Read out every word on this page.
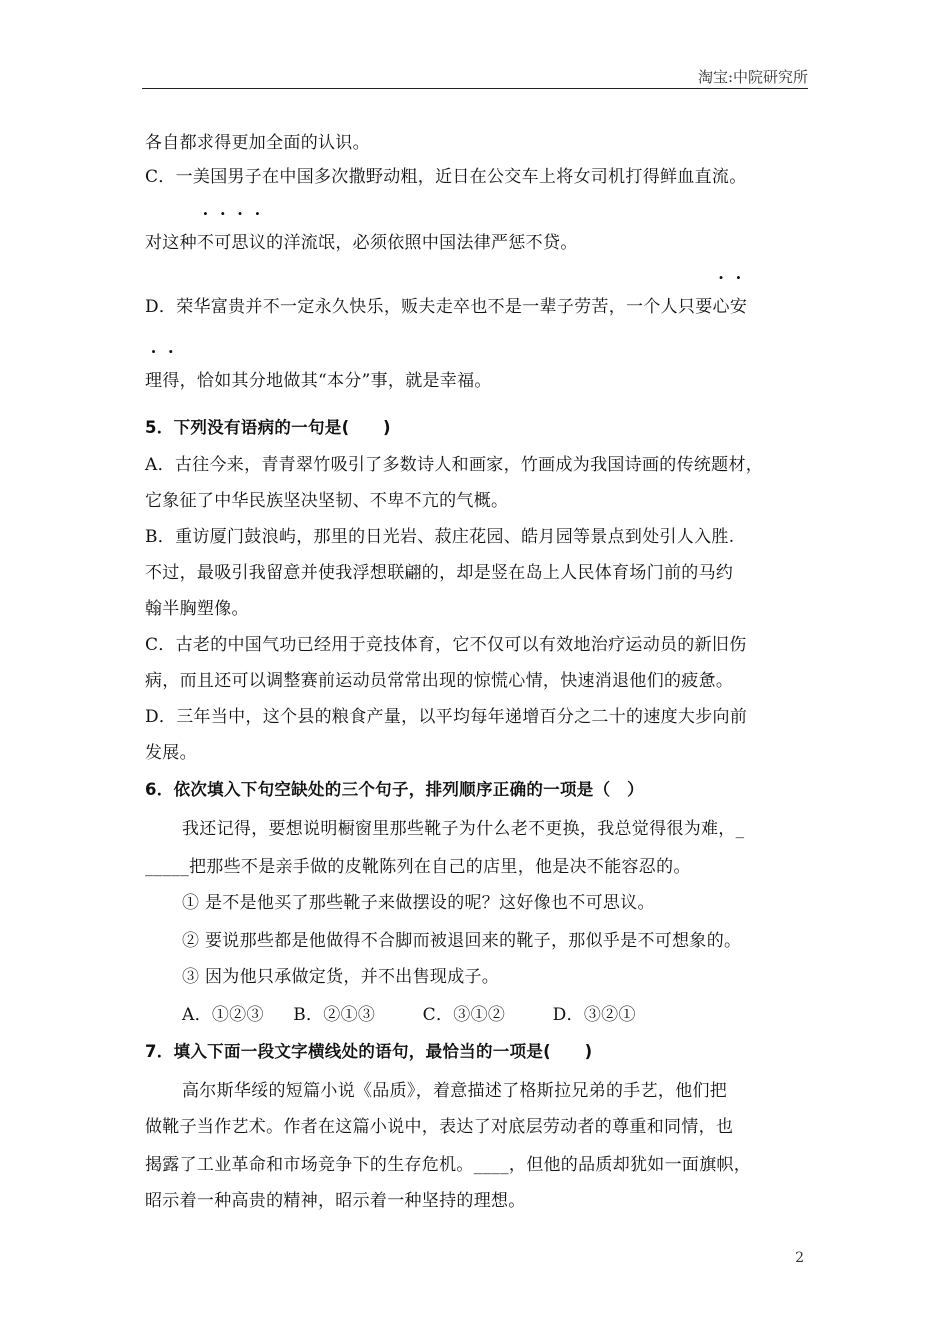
淘宝:中院研究所
各自都求得更加全面的认识。
C．一美国男子在中国多次撒野动粗，近日在公交车上将女司机打得鲜血直流。
对这种不可思议的洋流氓，必须依照中国法律严惩不贷。
D．荣华富贵并不一定永久快乐，贩夫走卒也不是一辈子劳苦，一个人只要心安
理得，恰如其分地做其“本分”事，就是幸福。
5．下列没有语病的一句是(　　)
A．古往今来，青青翠竹吸引了多数诗人和画家，竹画成为我国诗画的传统题材，
它象征了中华民族坚决坚韧、不卑不亢的气概。
B．重访厦门鼓浪屿，那里的日光岩、菽庄花园、皓月园等景点到处引人入胜.
不过，最吸引我留意并使我浮想联翩的，却是竖在岛上人民体育场门前的马约
翰半胸塑像。
C．古老的中国气功已经用于竞技体育，它不仅可以有效地治疗运动员的新旧伤
病，而且还可以调整赛前运动员常常出现的惊慌心情，快速消退他们的疲惫。
D．三年当中，这个县的粮食产量，以平均每年递增百分之二十的速度大步向前
发展。
6．依次填入下句空缺处的三个句子，排列顺序正确的一项是（　）
我还记得，要想说明橱窗里那些靴子为什么老不更换，我总觉得很为难，_
_____把那些不是亲手做的皮靴陈列在自己的店里，他是决不能容忍的。
① 是不是他买了那些靴子来做摆设的呢？这好像也不可思议。
② 要说那些都是他做得不合脚而被退回来的靴子，那似乎是不可想象的。
③ 因为他只承做定货，并不出售现成子。
A．①②③ B．②①③	C．③①②	D．③②①
7．填入下面一段文字横线处的语句，最恰当的一项是(　　)
高尔斯华绥的短篇小说《品质》，着意描述了格斯拉兄弟的手艺，他们把
做靴子当作艺术。作者在这篇小说中，表达了对底层劳动者的尊重和同情，也
揭露了工业革命和市场竞争下的生存危机。____，但他的品质却犹如一面旗帜，
昭示着一种高贵的精神，昭示着一种坚持的理想。
2
